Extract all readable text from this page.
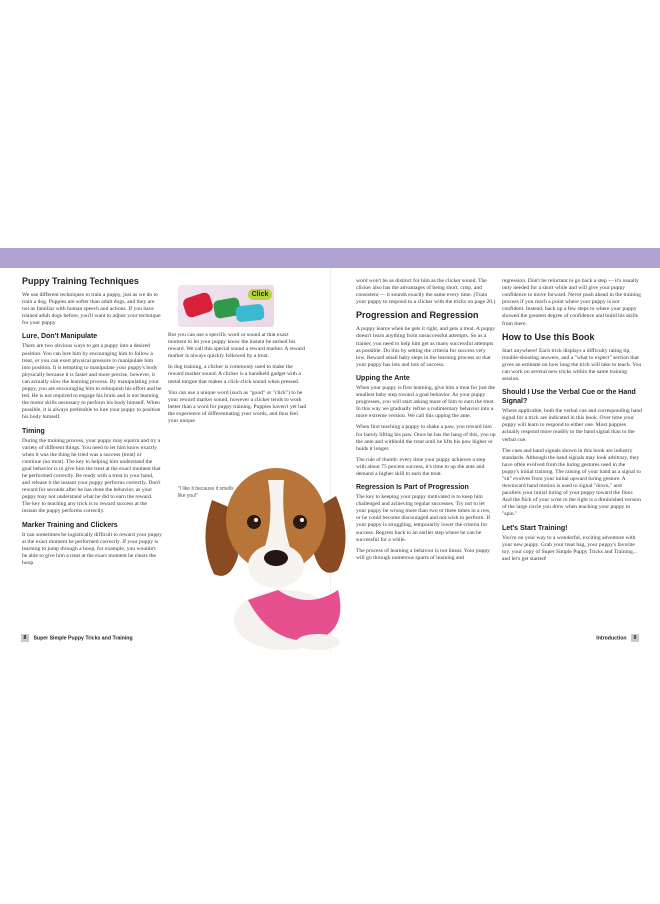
Puppy Training Techniques

We use different techniques to train a puppy, just as we do to train a dog. Puppies are softer than adult dogs, and they are not as familiar with human speech and actions. If you have trained adult dogs before, you'll want to adjust your technique for your puppy.

Lure, Don't Manipulate

There are two obvious ways to get a puppy into a desired position. You can lure him by encouraging him to follow a treat, or you can exert physical pressure to manipulate him into position. It is tempting to manipulate your puppy's body physically because it is faster and more precise, however, it can actually slow the learning process. By manipulating your puppy, you are encouraging him to relinquish his effort and be led. He is not required to engage his brain and is not learning the motor skills necessary to perform his body himself. When possible, it is always preferable to lure your puppy to position his body himself.

Timing

During the training process, your puppy may squirm and try a variety of different things. You need to let him know exactly when it was the thing he tried was a success (treat) or continue (no treat). The key to helping him understand the goal behavior is to give him the treat at the exact moment that he performed correctly. Be ready with a treat in your hand, and release it the instant your puppy performs correctly. Don't reward for seconds after he has done the behavior, as your puppy may not understand what he did to earn the reward. The key to teaching any trick is to reward success at the instant the puppy performs correctly.

Marker Training and Clickers

It can sometimes be logistically difficult to reward your puppy at the exact moment he performed correctly. If your puppy is learning to jump through a hoop, for example, you wouldn't be able to give him a treat at the exact moment he clears the hoop.

But you can use a specific word or sound at that exact moment to let your puppy know the instant he earned his reward. We call this special sound a reward marker. A reward marker is always quickly followed by a treat.

In dog training, a clicker is commonly used to make the reward marker sound. A clicker is a handheld gadget with a metal tongue that makes a click-click sound when pressed.

You can use a unique word (such as "good" or "click") to be your reward marker sound, however a clicker tends to work better than a word for puppy training. Puppies haven't yet had the experience of differentiating your words, and thus feel your unique

word won't be as distinct for him as the clicker sound. The clicker also has the advantages of being short, crisp, and consistent — it sounds exactly the same every time. (Train your puppy to respond to a clicker with the tricks on page 20.)

Progression and Regression

A puppy learns when he gets it right, and gets a treat. A puppy doesn't learn anything from unsuccessful attempts. So as a trainer, you need to help him get as many successful attempts as possible. Do this by setting the criteria for success very low. Reward small baby steps in the learning process so that your puppy has lots and lots of success.

Upping the Ante

When your puppy is first learning, give him a treat for just the smallest baby step toward a goal behavior. As your puppy progresses, you will start asking more of him to earn the treat. In this way we gradually refine a rudimentary behavior into a more extreme version. We call this upping the ante.

When first teaching a puppy to shake a paw, you reward him for barely lifting his paw. Once he has the hang of this, you up the ante and withhold the treat until he lifts his paw higher or holds it longer.

The rule of thumb: every time your puppy achieves a step with about 75 percent success, it's time to up the ante and demand a higher skill to earn the treat.

Regression Is Part of Progression

The key to keeping your puppy motivated is to keep him challenged and achieving regular successes. Try not to let your puppy be wrong more than two or three times in a row, or he could become discouraged and not wish to perform. If your puppy is struggling, temporarily lower the criteria for success. Regress back to an earlier step where he can be successful for a while.

The process of learning a behavior is not linear. Your puppy will go through numerous spurts of learning and

regression. Don't be reluctant to go back a step — it's usually only needed for a short while and will give your puppy confidence to move forward. Never push ahead in the training process if you reach a point where your puppy is not confident. Instead, back up a few steps to where your puppy showed the greatest degree of confidence and build his skills from there.

How to Use this Book

Start anywhere! Each trick displays a difficulty rating tip, trouble-shooting answers, and a "what to expect" section that gives an estimate on how long the trick will take to teach. You can work on several new tricks within the same training session.

Should I Use the Verbal Cue or the Hand Signal?

Where applicable, both the verbal cue and corresponding hand signal for a trick are indicated in this book. Over time your puppy will learn to respond to either one. Most puppies actually respond more readily to the hand signal than to the verbal cue.

The cues and hand signals shown in this book are industry standards. Although the hand signals may look arbitrary, they have often evolved from the luring gestures used in the puppy's initial training. The raising of your hand as a signal to "sit" evolves from your initial upward luring gesture. A downward hand motion is used to signal "down," and parallels your initial luring of your puppy toward the floor. And the flick of your wrist to the right is a diminished version of the large circle you drew when teaching your puppy to "spin."

Let's Start Training!

You're on your way to a wonderful, exciting adventure with your new puppy. Grab your treat bag, your puppy's favorite toy, your copy of Super Simple Puppy Tricks and Training... and let's get started!

Click
"I like it because it smells like you!"
8 Super Simple Puppy Tricks and Training	Introduction 9
